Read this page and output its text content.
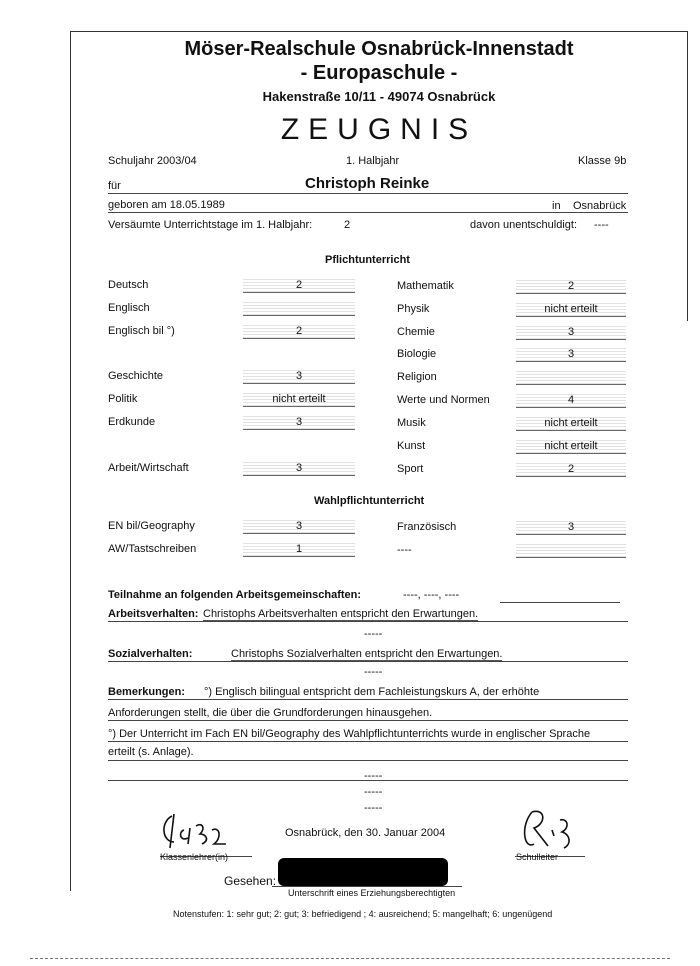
Möser-Realschule Osnabrück-Innenstadt
- Europaschule -
Hakenstraße 10/11 - 49074 Osnabrück
ZEUGNIS
Schuljahr 2003/04	1. Halbjahr	Klasse 9b
für	Christoph Reinke
geboren am 18.05.1989	in Osnabrück
Versäumte Unterrichtstage im 1. Halbjahr:	2	davon unentschuldigt: ----
Pflichtunterricht
Deutsch	2
Englisch
Englisch bil °)	2
Geschichte	3
Politik	nicht erteilt
Erdkunde	3
Arbeit/Wirtschaft	3
Mathematik	2
Physik	nicht erteilt
Chemie	3
Biologie	3
Religion
Werte und Normen	4
Musik	nicht erteilt
Kunst	nicht erteilt
Sport	2
Wahlpflichtunterricht
EN bil/Geography	3	Französisch	3
AW/Tastschreiben	1	----
Teilnahme an folgenden Arbeitsgemeinschaften:	----, ----, ----
Arbeitsverhalten: Christophs Arbeitsverhalten entspricht den Erwartungen.
-----
Sozialverhalten:	Christophs Sozialverhalten entspricht den Erwartungen.
-----
Bemerkungen: °) Englisch bilingual entspricht dem Fachleistungskurs A, der erhöhte
Anforderungen stellt, die über die Grundforderungen hinausgehen.
°) Der Unterricht im Fach EN bil/Geography des Wahlpflichtunterrichts wurde in englischer Sprache
erteilt (s. Anlage).
-----
-----
-----
Klassenlehrer(in)
Osnabrück, den 30. Januar 2004
Schulleiter
Gesehen:
Unterschrift eines Erziehungsberechtigten
Notenstufen: 1: sehr gut; 2: gut; 3: befriedigend ; 4: ausreichend; 5: mangelhaft; 6: ungenügend
